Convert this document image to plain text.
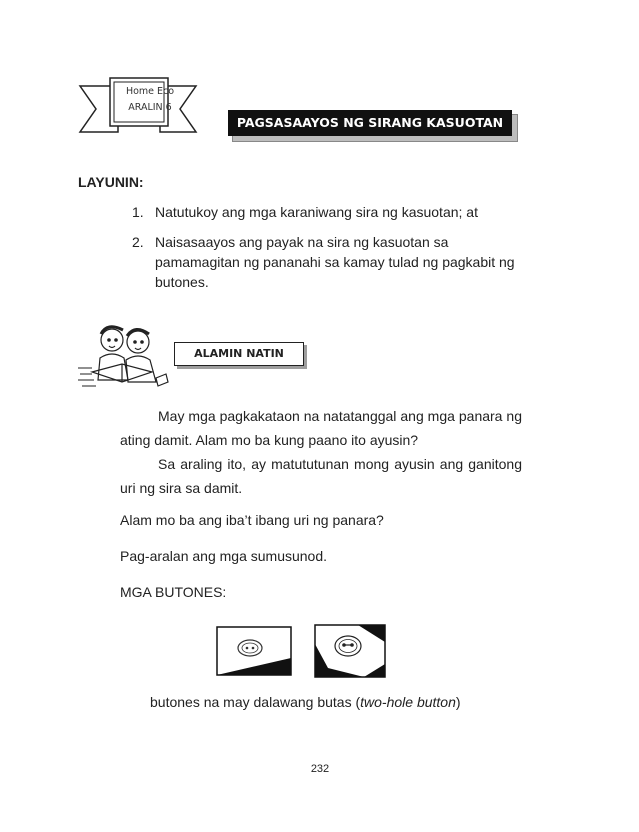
Home Eco
ARALIN 6
PAGSASAAYOS NG SIRANG KASUOTAN
LAYUNIN:
1. Natutukoy ang mga karaniwang sira ng kasuotan; at
2. Naisasaayos ang payak na sira ng kasuotan sa pamamagitan ng pananahi sa kamay tulad ng pagkabit ng butones.
ALAMIN NATIN
May mga pagkakataon na natatanggal ang mga panara ng ating damit. Alam mo ba kung paano ito ayusin?
Sa araling ito, ay matututunan mong ayusin ang ganitong uri ng sira sa damit.
Alam mo ba ang iba’t ibang uri ng panara?
Pag-aralan ang mga sumusunod.
MGA BUTONES:
butones na may dalawang butas (two-hole button)
232
